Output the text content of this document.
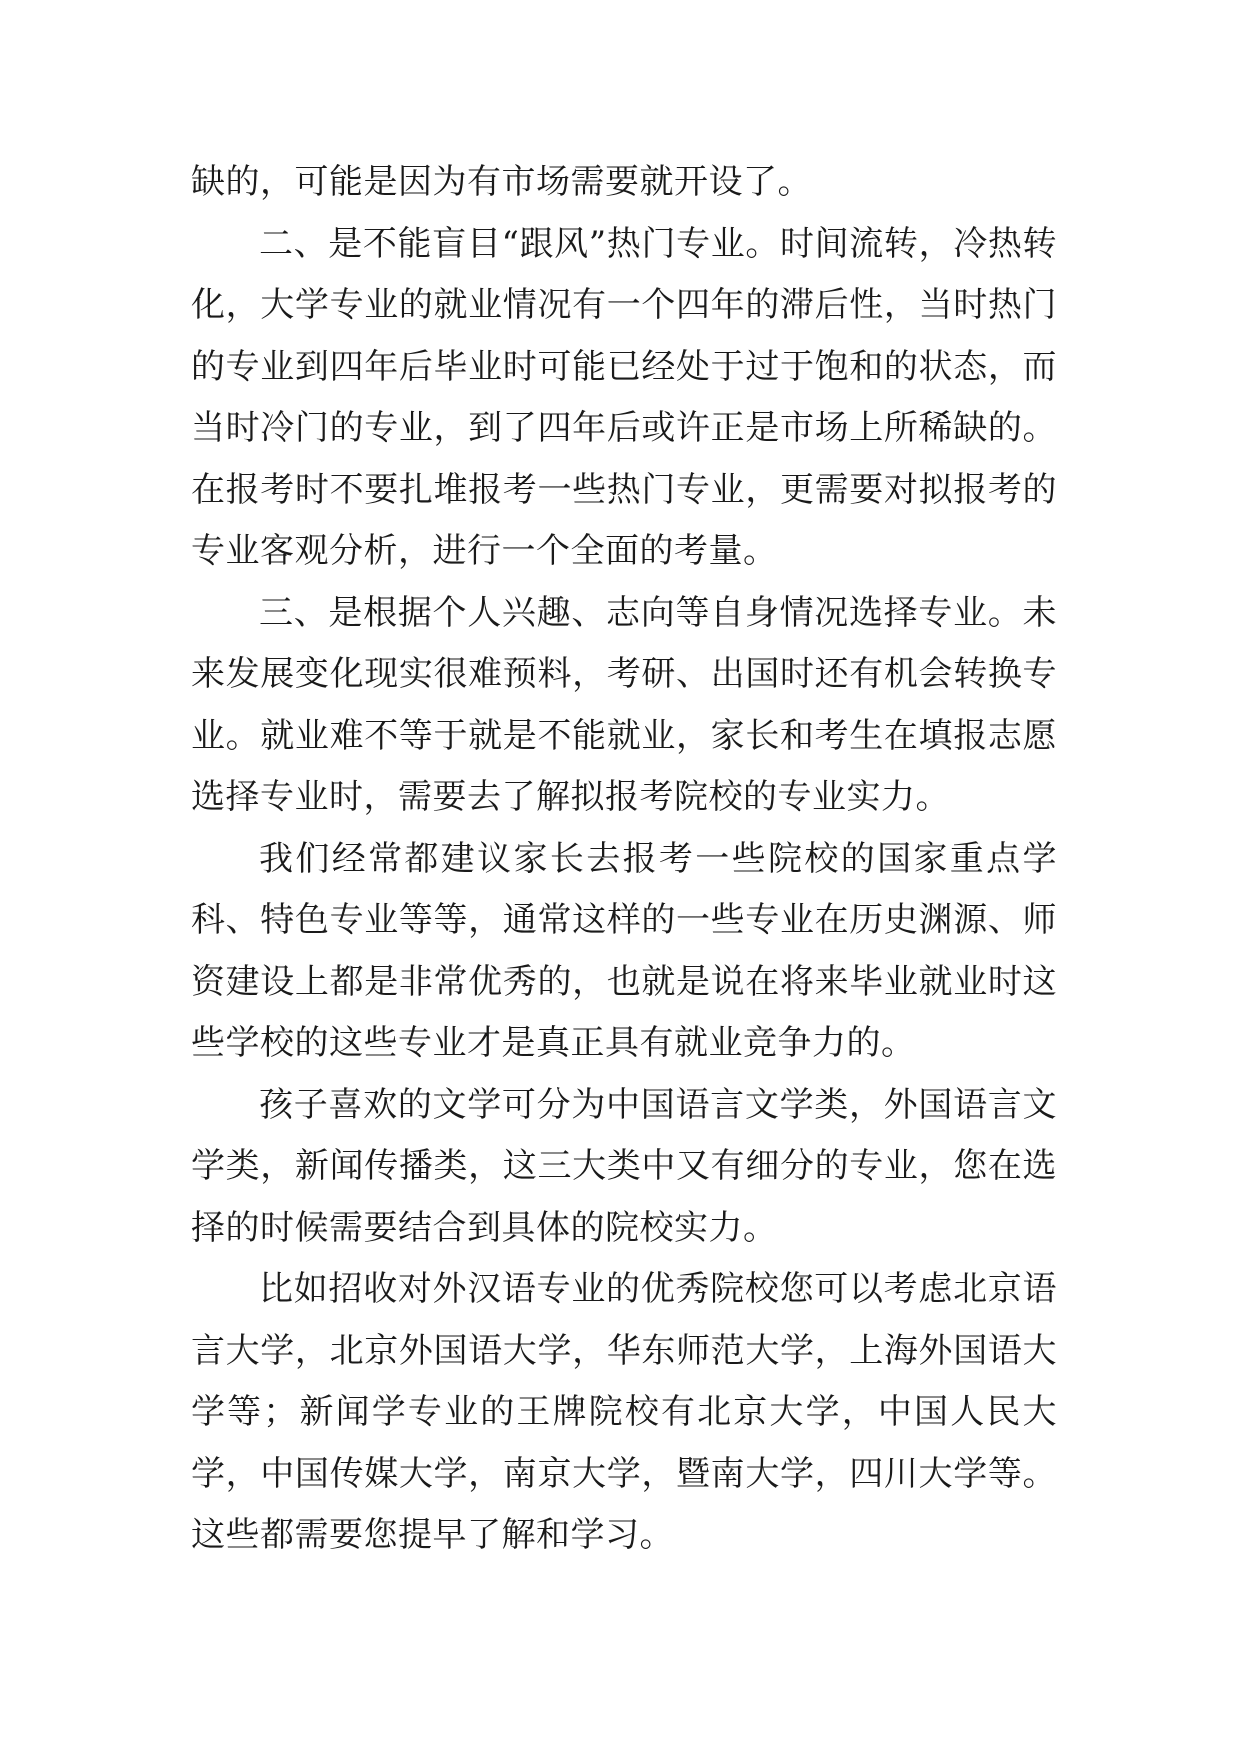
缺的，可能是因为有市场需要就开设了。

二、是不能盲目“跟风”热门专业。时间流转，冷热转化，大学专业的就业情况有一个四年的滞后性，当时热门的专业到四年后毕业时可能已经处于过于饱和的状态，而当时冷门的专业，到了四年后或许正是市场上所稀缺的。在报考时不要扎堆报考一些热门专业，更需要对拟报考的专业客观分析，进行一个全面的考量。

三、是根据个人兴趣、志向等自身情况选择专业。未来发展变化现实很难预料，考研、出国时还有机会转换专业。就业难不等于就是不能就业，家长和考生在填报志愿选择专业时，需要去了解拟报考院校的专业实力。

我们经常都建议家长去报考一些院校的国家重点学科、特色专业等等，通常这样的一些专业在历史渊源、师资建设上都是非常优秀的，也就是说在将来毕业就业时这些学校的这些专业才是真正具有就业竞争力的。

孩子喜欢的文学可分为中国语言文学类，外国语言文学类，新闻传播类，这三大类中又有细分的专业，您在选择的时候需要结合到具体的院校实力。

比如招收对外汉语专业的优秀院校您可以考虑北京语言大学，北京外国语大学，华东师范大学，上海外国语大学等；新闻学专业的王牌院校有北京大学，中国人民大学，中国传媒大学，南京大学，暨南大学，四川大学等。这些都需要您提早了解和学习。
